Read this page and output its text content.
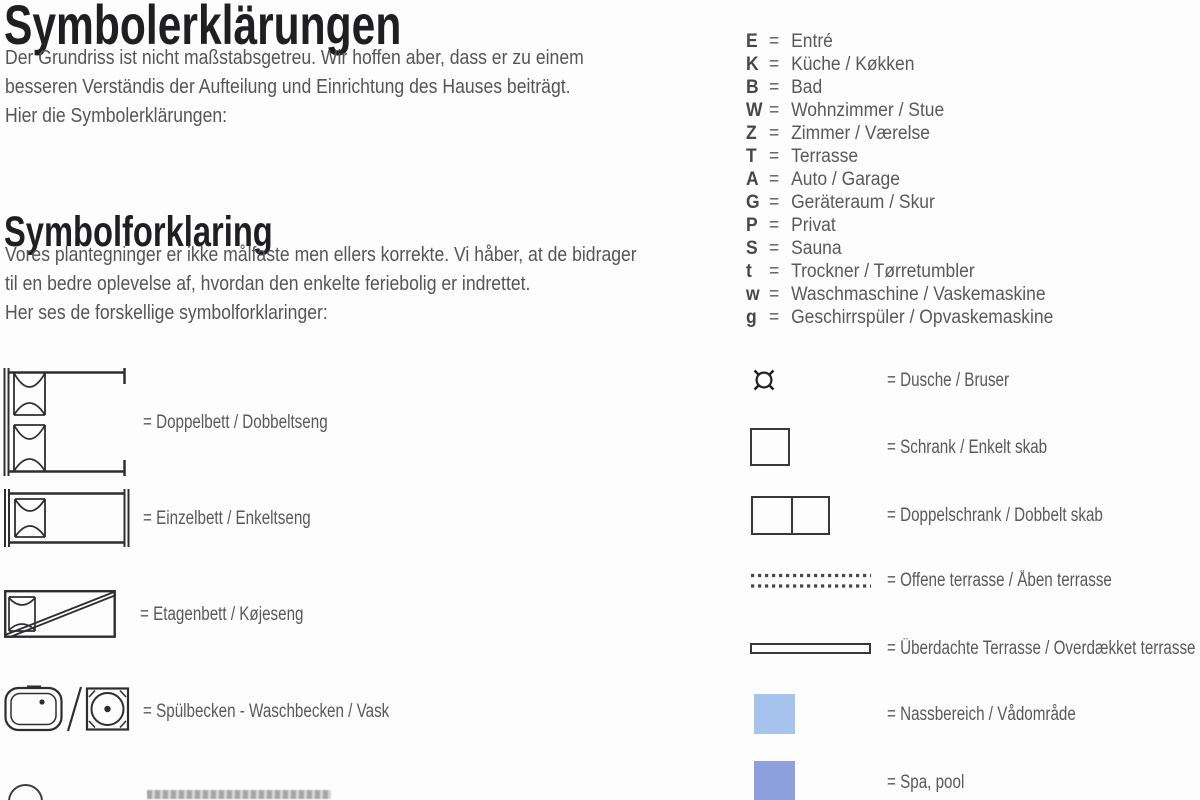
Symbolerklärungen
Der Grundriss ist nicht maßstabsgetreu. Wir hoffen aber, dass er zu einem
besseren Verständis der Aufteilung und Einrichtung des Hauses beiträgt.
Hier die Symbolerklärungen:
Symbolforklaring
Vores plantegninger er ikke målfaste men ellers korrekte. Vi håber, at de bidrager
til en bedre oplevelse af, hvordan den enkelte feriebolig er indrettet.
Her ses de forskellige symbolforklaringer:
E = Entré
K = Küche / Køkken
B = Bad
W = Wohnzimmer / Stue
Z = Zimmer / Værelse
T = Terrasse
A = Auto / Garage
G = Geräteraum / Skur
P = Privat
S = Sauna
t = Trockner / Tørretumbler
w = Waschmaschine / Vaskemaskine
g = Geschirrspüler / Opvaskemaskine
= Doppelbett / Dobbeltseng
= Einzelbett / Enkeltseng
= Etagenbett / Køjeseng
= Spülbecken - Waschbecken / Vask
= Dusche / Bruser
= Schrank / Enkelt skab
= Doppelschrank / Dobbelt skab
= Offene terrasse / Åben terrasse
= Überdachte Terrasse / Overdækket terrasse
= Nassbereich / Vådområde
= Spa, pool
